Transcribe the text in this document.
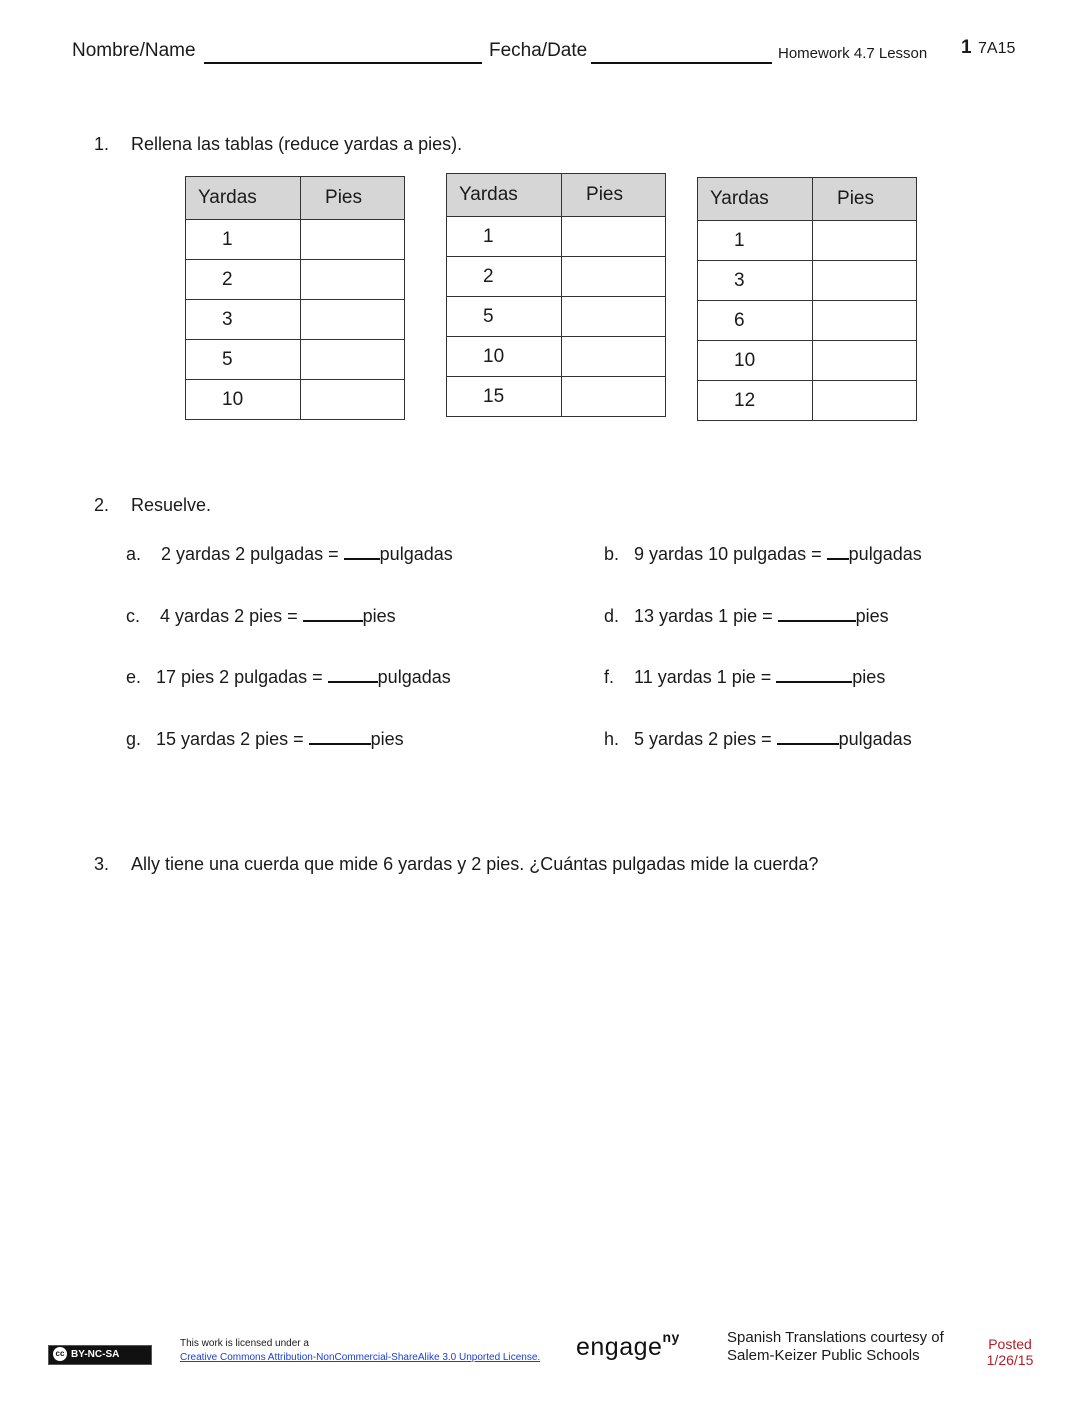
Nombre/Name	Fecha/Date	Homework 4.7 Lesson 1 7A15
1. Rellena las tablas (reduce yardas a pies).
Yardas	Pies
1	
2	
3	
5	
10	
Yardas	Pies
1	
2	
5	
10	
15	
Yardas	Pies
1	
3	
6	
10	
12	
2. Resuelve.
a. 2 yardas 2 pulgadas = pulgadas	b. 9 yardas 10 pulgadas = pulgadas
c. 4 yardas 2 pies =	pies	d. 13 yardas 1 pie =	pies
e. 17 pies 2 pulgadas =	pulgadas	f. 11 yardas 1 pie =	pies
g. 15 yardas 2 pies =	pies	h. 5 yardas 2 pies =	pulgadas
3. Ally tiene una cuerda que mide 6 yardas y 2 pies. ¿Cuántas pulgadas mide la cuerda?
cc BY-NC-SA
This work is licensed under a
Creative Commons Attribution-NonCommercial-ShareAlike 3.0 Unported License. engage$^{ny}$	Spanish Translations courtesy of
Salem-Keizer Public Schools
Posted
1/26/15
